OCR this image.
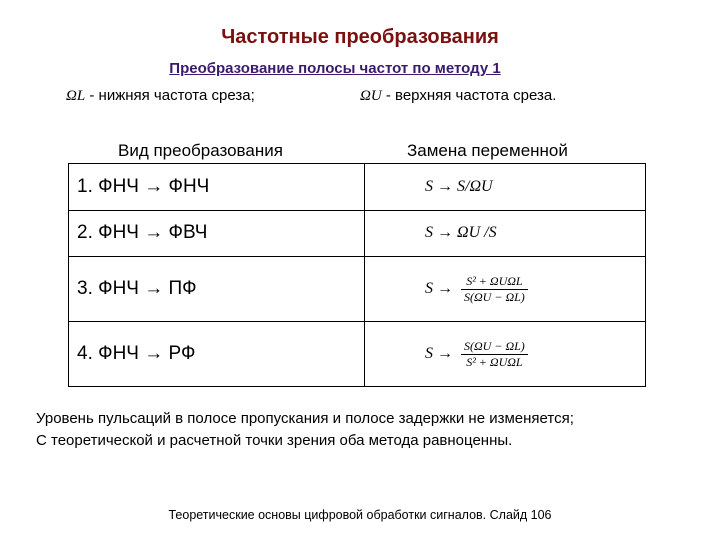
Частотные преобразования
Преобразование полосы частот по методу 1
ΩL - нижняя частота среза;	ΩU - верхняя частота среза.
Вид преобразования	Замена переменной
1. ФНЧ → ФНЧ	S → S/ΩU
2. ФНЧ → ФВЧ	S → ΩU /S
3. ФНЧ → ПФ	$S \to \frac{\text{S² + ΩUΩL}}{S(\Omega U - \Omega L)}$

4. ФНЧ → РФ	$S \to \frac{S(\Omega U - \Omega L)}{\text{S² + ΩUΩL}}$
Уровень пульсаций в полосе пропускания и полосе задержки не изменяется;
С теоретической и расчетной точки зрения оба метода равноценны.
Теоретические основы цифровой обработки сигналов. Слайд 106
